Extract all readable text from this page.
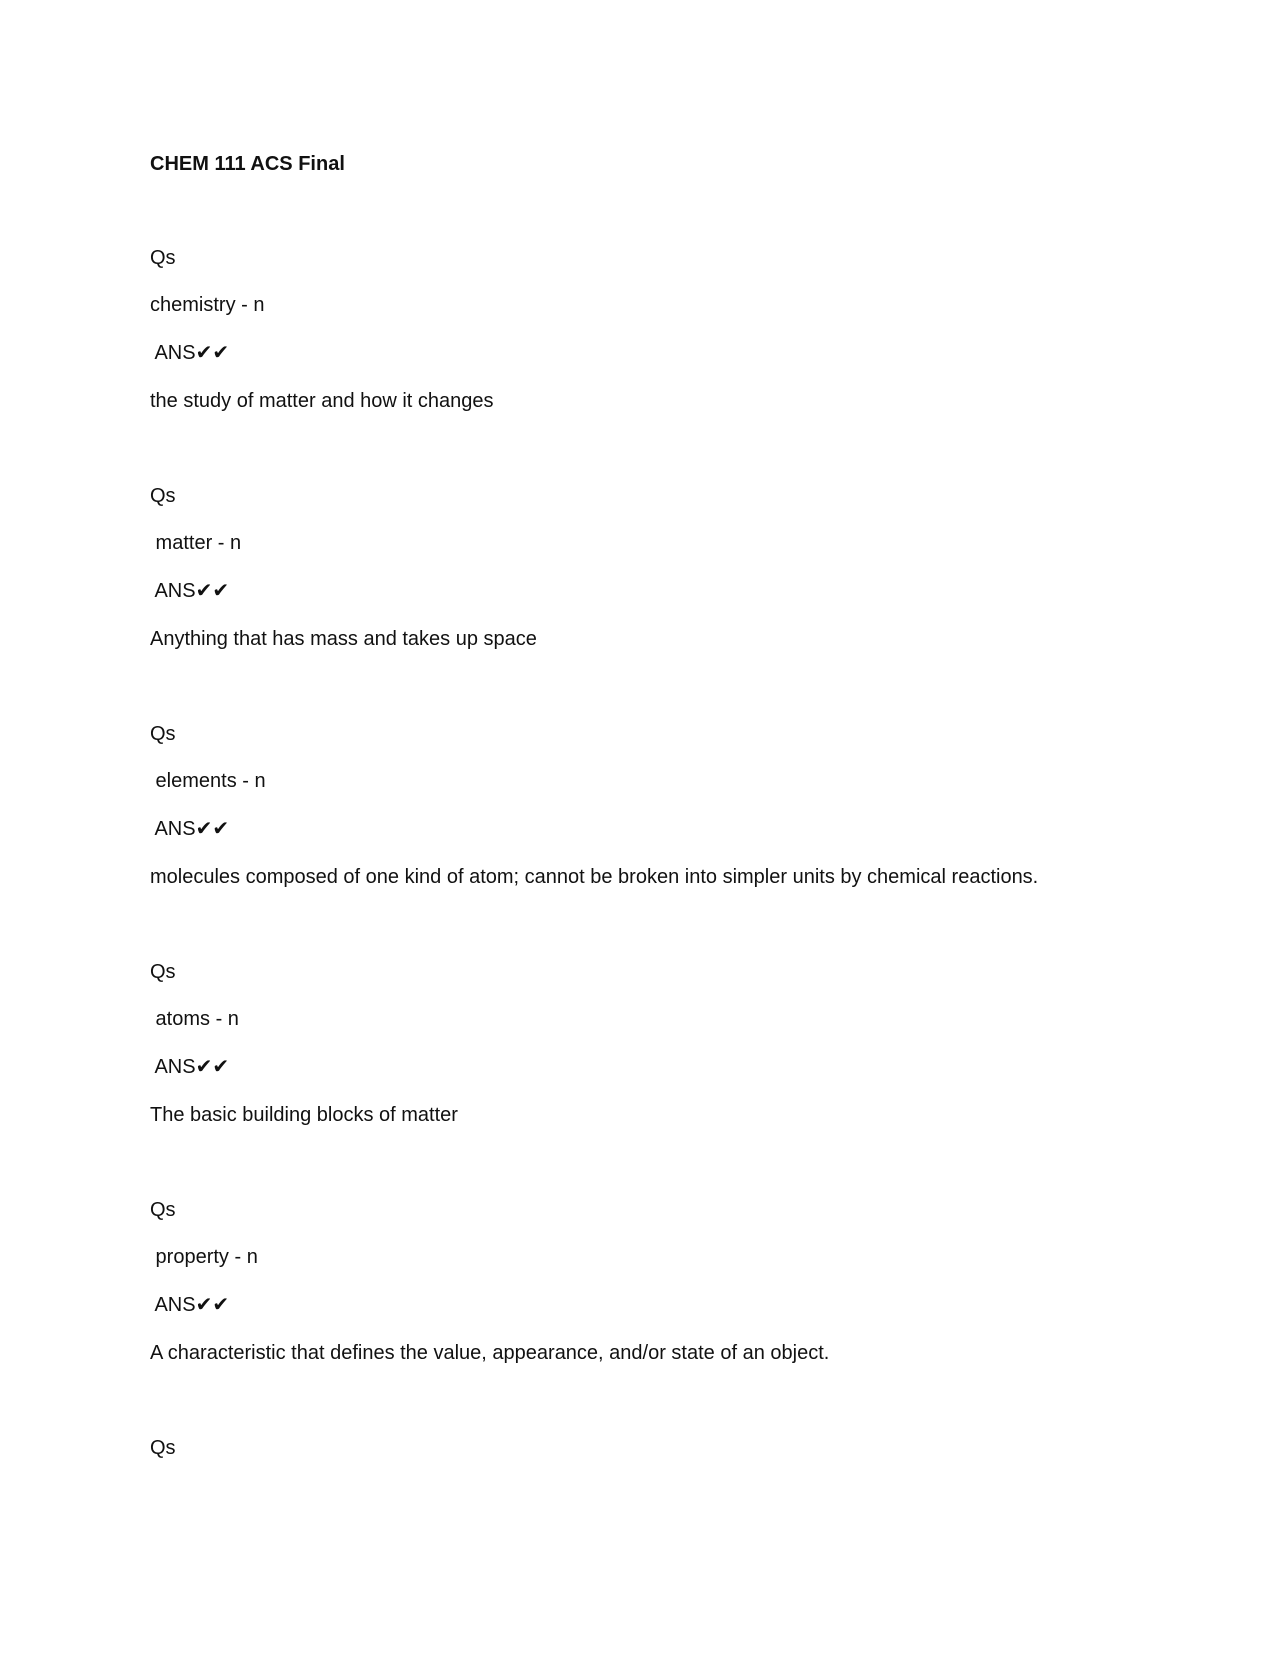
CHEM 111 ACS Final

Qs

chemistry - n

ANS✔✔

the study of matter and how it changes

Qs

matter - n

ANS✔✔

Anything that has mass and takes up space

Qs

elements - n

ANS✔✔

molecules composed of one kind of atom; cannot be broken into simpler units by chemical reactions.

Qs

atoms - n

ANS✔✔

The basic building blocks of matter

Qs

property - n

ANS✔✔

A characteristic that defines the value, appearance, and/or state of an object.

Qs
